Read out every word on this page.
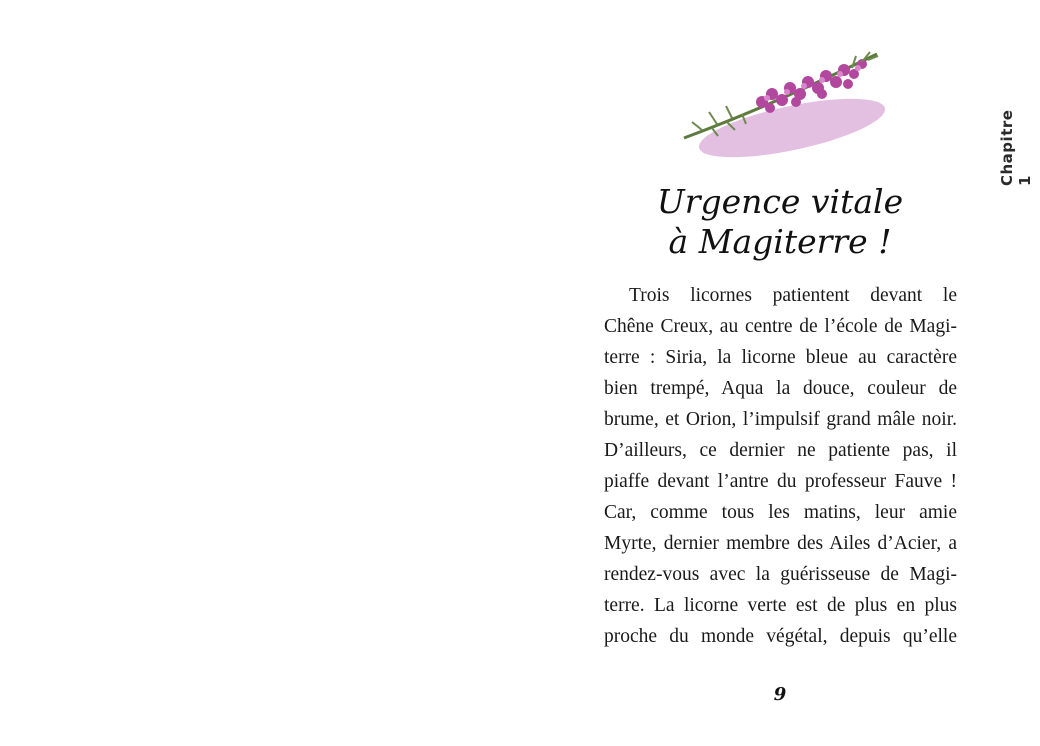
Urgence vitale
à Magiterre !
Trois licornes patientent devant le
Chêne Creux, au centre de l’école de Magi-
terre : Siria, la licorne bleue au caractère
bien trempé, Aqua la douce, couleur de
brume, et Orion, l’impulsif grand mâle noir.
D’ailleurs, ce dernier ne patiente pas, il
piaffe devant l’antre du professeur Fauve !
Car, comme tous les matins, leur amie
Myrte, dernier membre des Ailes d’Acier, a
rendez-vous avec la guérisseuse de Magi-
terre. La licorne verte est de plus en plus
proche du monde végétal, depuis qu’elle
Chapitre 1
9
